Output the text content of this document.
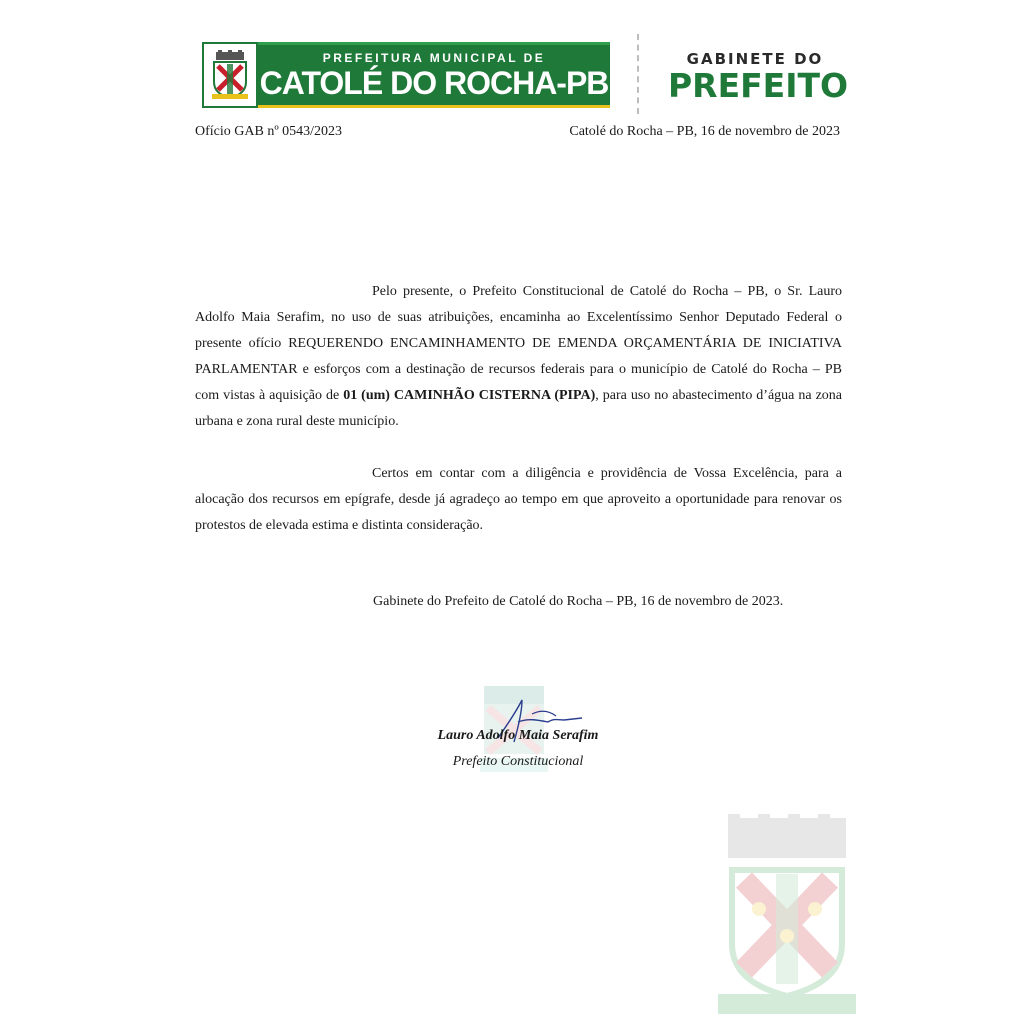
PREFEITURA MUNICIPAL DE
CATOLÉ DO ROCHA-PB
GABINETE DO
PREFEITO
Ofício GAB nº 0543/2023	Catolé do Rocha – PB, 16 de novembro de 2023
Pelo presente, o Prefeito Constitucional de Catolé do Rocha – PB, o Sr. Lauro Adolfo Maia Serafim, no uso de suas atribuições, encaminha ao Excelentíssimo Senhor Deputado Federal o presente ofício REQUERENDO ENCAMINHAMENTO DE EMENDA ORÇAMENTÁRIA DE INICIATIVA PARLAMENTAR e esforços com a destinação de recursos federais para o município de Catolé do Rocha – PB com vistas à aquisição de 01 (um) CAMINHÃO CISTERNA (PIPA), para uso no abastecimento d’água na zona urbana e zona rural deste município.
Certos em contar com a diligência e providência de Vossa Excelência, para a alocação dos recursos em epígrafe, desde já agradeço ao tempo em que aproveito a oportunidade para renovar os protestos de elevada estima e distinta consideração.
Gabinete do Prefeito de Catolé do Rocha – PB, 16 de novembro de 2023.
Lauro Adolfo Maia Serafim
Prefeito Constitucional
